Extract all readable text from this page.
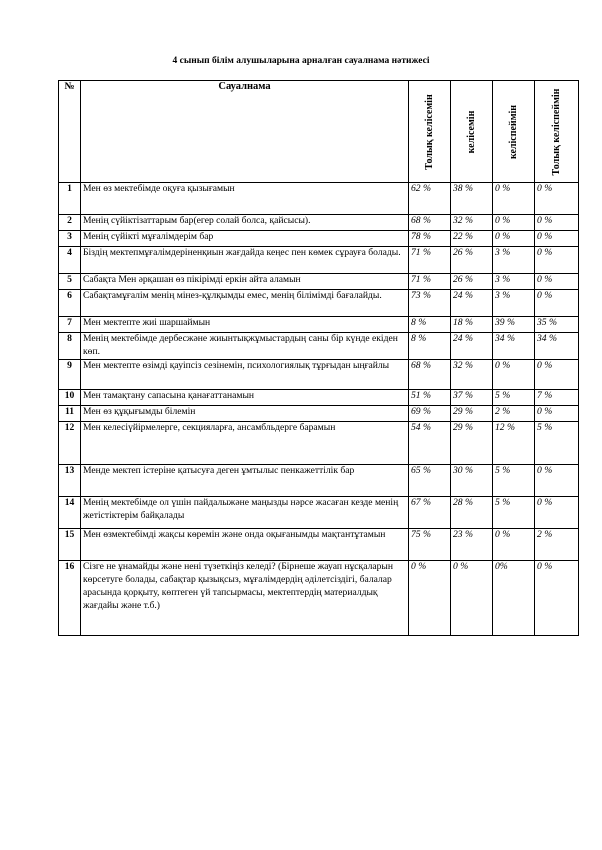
4 сынып білім алушыларына арналған сауалнама нәтижесі
№	Сауалнама	Толық келісемін	келісемін	келіспеймін	Толық келіспеймін

1	Мен өз мектебімде оқуға қызығамын	62 %	38 %	0 %	0 %
2	Менің сүйіктізаттарым бар(егер солай болса, қайсысы).	68 %	32 %	0 %	0 %
3	Менің сүйікті мұғалімдерім бар	78 %	22 %	0 %	0 %
4	Біздің мектепмұғалімдеріненқиын жағдайда кеңес пен көмек сұрауға болады.	71 %	26 %	3 %	0 %
5	Сабақта Мен әрқашан өз пікірімді еркін айта аламын	71 %	26 %	3 %	0 %
6	Сабақтамұғалім менің мінез-құлқымды емес, менің білімімді бағалайды.	73 %	24 %	3 %	0 %
7	Мен мектепте жиі шаршаймын	8 %	18 %	39 %	35 %
8	Менің мектебімде дербесжәне жиынтықжұмыстардың саны бір күнде екіден көп.	8 %	24 %	34 %	34 %
9	Мен мектепте өзімді қауіпсіз сезінемін, психологиялық тұрғыдан ыңғайлы	68 %	32 %	0 %	0 %
10	Мен тамақтану сапасына қанағаттанамын	51 %	37 %	5 %	7 %
11	Мен өз құқығымды білемін	69 %	29 %	2 %	0 %
12	Мен келесіүйірмелерге, секцияларға, ансамбльдерге барамын	54 %	29 %	12 %	5 %
13	Менде мектеп істеріне қатысуға деген ұмтылыс пенкажеттілік бар	65 %	30 %	5 %	0 %
14	Менің мектебімде ол үшін пайдалыжәне маңызды нәрсе жасаған кезде менің жетістіктерім байқалады	67 %	28 %	5 %	0 %
15	Мен өзмектебімді жақсы көремін және онда оқығанымды мақтантұтамын	75 %	23 %	0 %	2 %
16	Сізге не ұнамайды және нені түзеткіңіз келеді? (Бірнеше жауап нұсқаларын көрсетуге болады, сабақтар қызықсыз, мұғалімдердің әділетсіздігі, балалар арасында қорқыту, көптеген үй тапсырмасы, мектептердің материалдық жағдайы және т.б.)	0 %	0 %	0%	0 %
